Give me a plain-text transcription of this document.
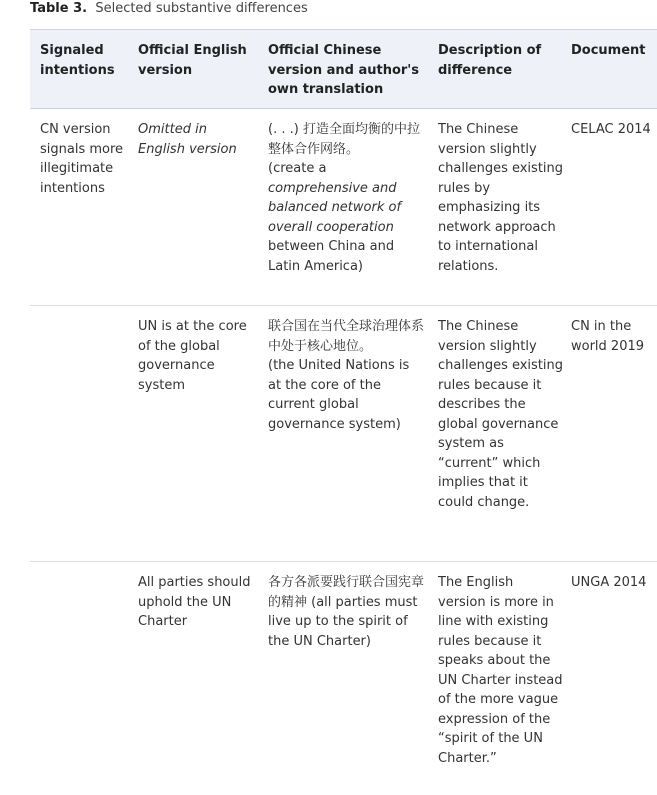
Table 3. Selected substantive differences
Signaled intentions
Official English version
Official Chinese version and author's own translation
Description of difference
Document
CN version signals more illegitimate intentions
Omitted in English version
(. . .) 打造全面均衡的中拉整体合作网络。
(create a comprehensive and balanced network of overall cooperation between China and Latin America)
The Chinese version slightly challenges existing rules by emphasizing its network approach to international relations.
CELAC 2014
UN is at the core of the global governance system
联合国在当代全球治理体系中处于核心地位。
(the United Nations is at the core of the current global governance system)
The Chinese version slightly challenges existing rules because it describes the global governance system as “current” which implies that it could change.
CN in the world 2019
All parties should uphold the UN Charter
各方各派要践行联合国宪章的精神 (all parties must live up to the spirit of the UN Charter)
The English version is more in line with existing rules because it speaks about the UN Charter instead of the more vague expression of the “spirit of the UN Charter.”
UNGA 2014
